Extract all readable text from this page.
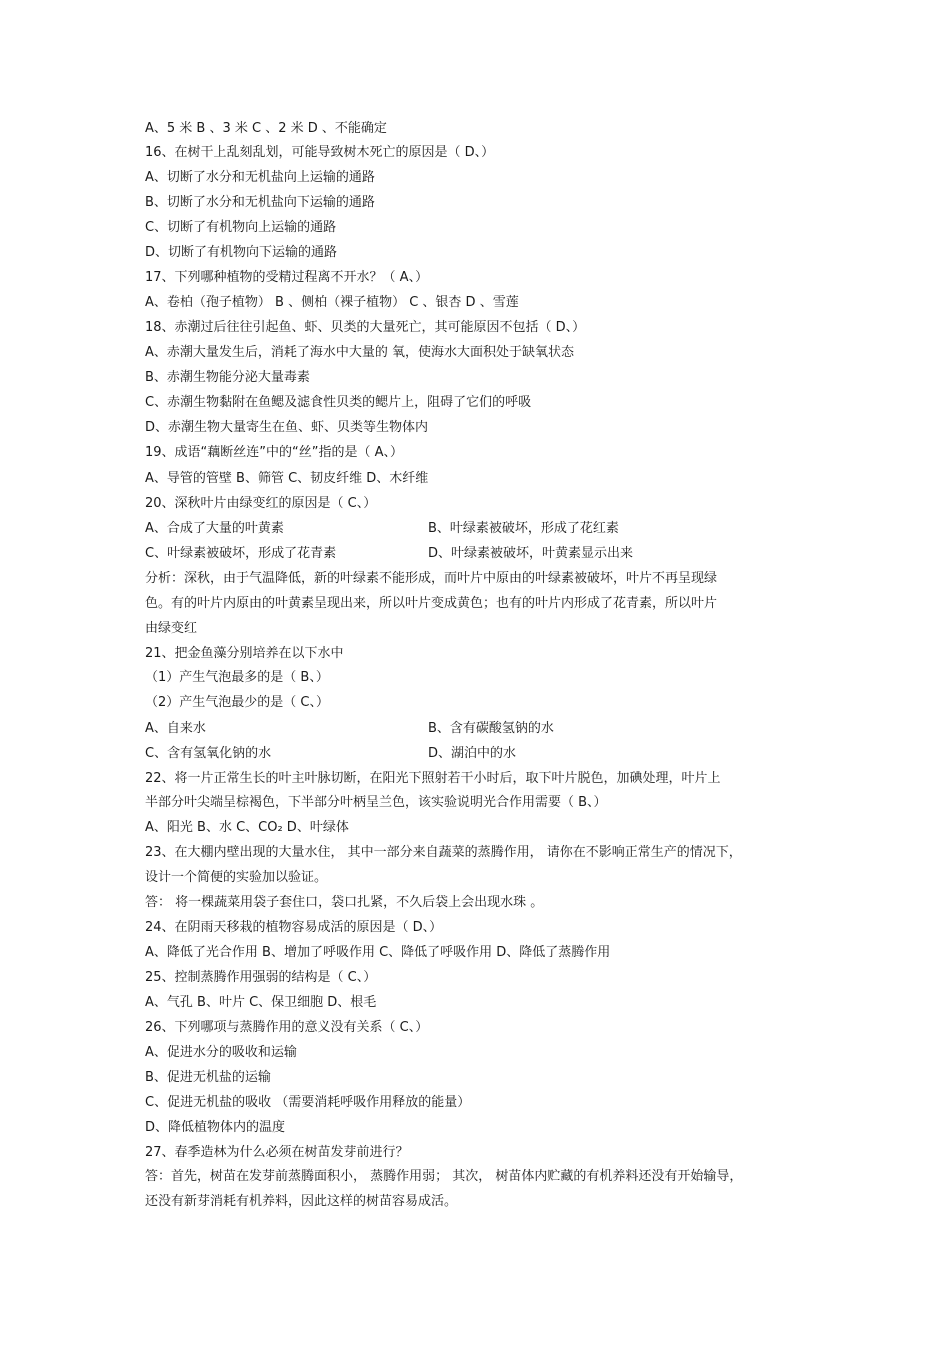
A、5 米 B 、3 米 C 、2 米 D 、不能确定
16、在树干上乱刻乱划，可能导致树木死亡的原因是（ D、）
A、切断了水分和无机盐向上运输的通路
B、切断了水分和无机盐向下运输的通路
C、切断了有机物向上运输的通路
D、切断了有机物向下运输的通路
17、下列哪种植物的受精过程离不开水？（ A、）
A、卷柏（孢子植物） B 、侧柏（裸子植物） C 、银杏 D 、雪莲
18、赤潮过后往往引起鱼、虾、贝类的大量死亡，其可能原因不包括（ D、）
A、赤潮大量发生后，消耗了海水中大量的 氧，使海水大面积处于缺氧状态
B、赤潮生物能分泌大量毒素
C、赤潮生物黏附在鱼鳃及滤食性贝类的鳃片上，阻碍了它们的呼吸
D、赤潮生物大量寄生在鱼、虾、贝类等生物体内
19、成语“藕断丝连”中的“丝”指的是（ A、）
A、导管的管壁 B、筛管 C、韧皮纤维 D、木纤维
20、深秋叶片由绿变红的原因是（ C、）
A、合成了大量的叶黄素	B、叶绿素被破坏，形成了花红素
C、叶绿素被破坏，形成了花青素	D、叶绿素被破坏，叶黄素显示出来
分析：深秋，由于气温降低，新的叶绿素不能形成，而叶片中原由的叶绿素被破坏，叶片不再呈现绿
色。有的叶片内原由的叶黄素呈现出来，所以叶片变成黄色；也有的叶片内形成了花青素，所以叶片
由绿变红
21、把金鱼藻分别培养在以下水中
（1）产生气泡最多的是（ B、）
（2）产生气泡最少的是（ C、）
A、自来水	B、含有碳酸氢钠的水
C、含有氢氧化钠的水	D、湖泊中的水
22、将一片正常生长的叶主叶脉切断，在阳光下照射若干小时后，取下叶片脱色，加碘处理，叶片上
半部分叶尖端呈棕褐色，下半部分叶柄呈兰色，该实验说明光合作用需要（ B、）
A、阳光 B、水 C、CO₂ D、叶绿体
23、在大棚内壁出现的大量水住， 其中一部分来自蔬菜的蒸腾作用， 请你在不影响正常生产的情况下，
设计一个简便的实验加以验证。
答： 将一棵蔬菜用袋子套住口，袋口扎紧，不久后袋上会出现水珠 。
24、在阴雨天移栽的植物容易成活的原因是（ D、）
A、降低了光合作用 B、增加了呼吸作用 C、降低了呼吸作用 D、降低了蒸腾作用
25、控制蒸腾作用强弱的结构是（ C、）
A、气孔 B、叶片 C、保卫细胞 D、根毛
26、下列哪项与蒸腾作用的意义没有关系（ C、）
A、促进水分的吸收和运输
B、促进无机盐的运输
C、促进无机盐的吸收 （需要消耗呼吸作用释放的能量）
D、降低植物体内的温度
27、春季造林为什么必须在树苗发芽前进行？
答：首先，树苗在发芽前蒸腾面积小， 蒸腾作用弱； 其次， 树苗体内贮藏的有机养料还没有开始输导，
还没有新芽消耗有机养料，因此这样的树苗容易成活。
